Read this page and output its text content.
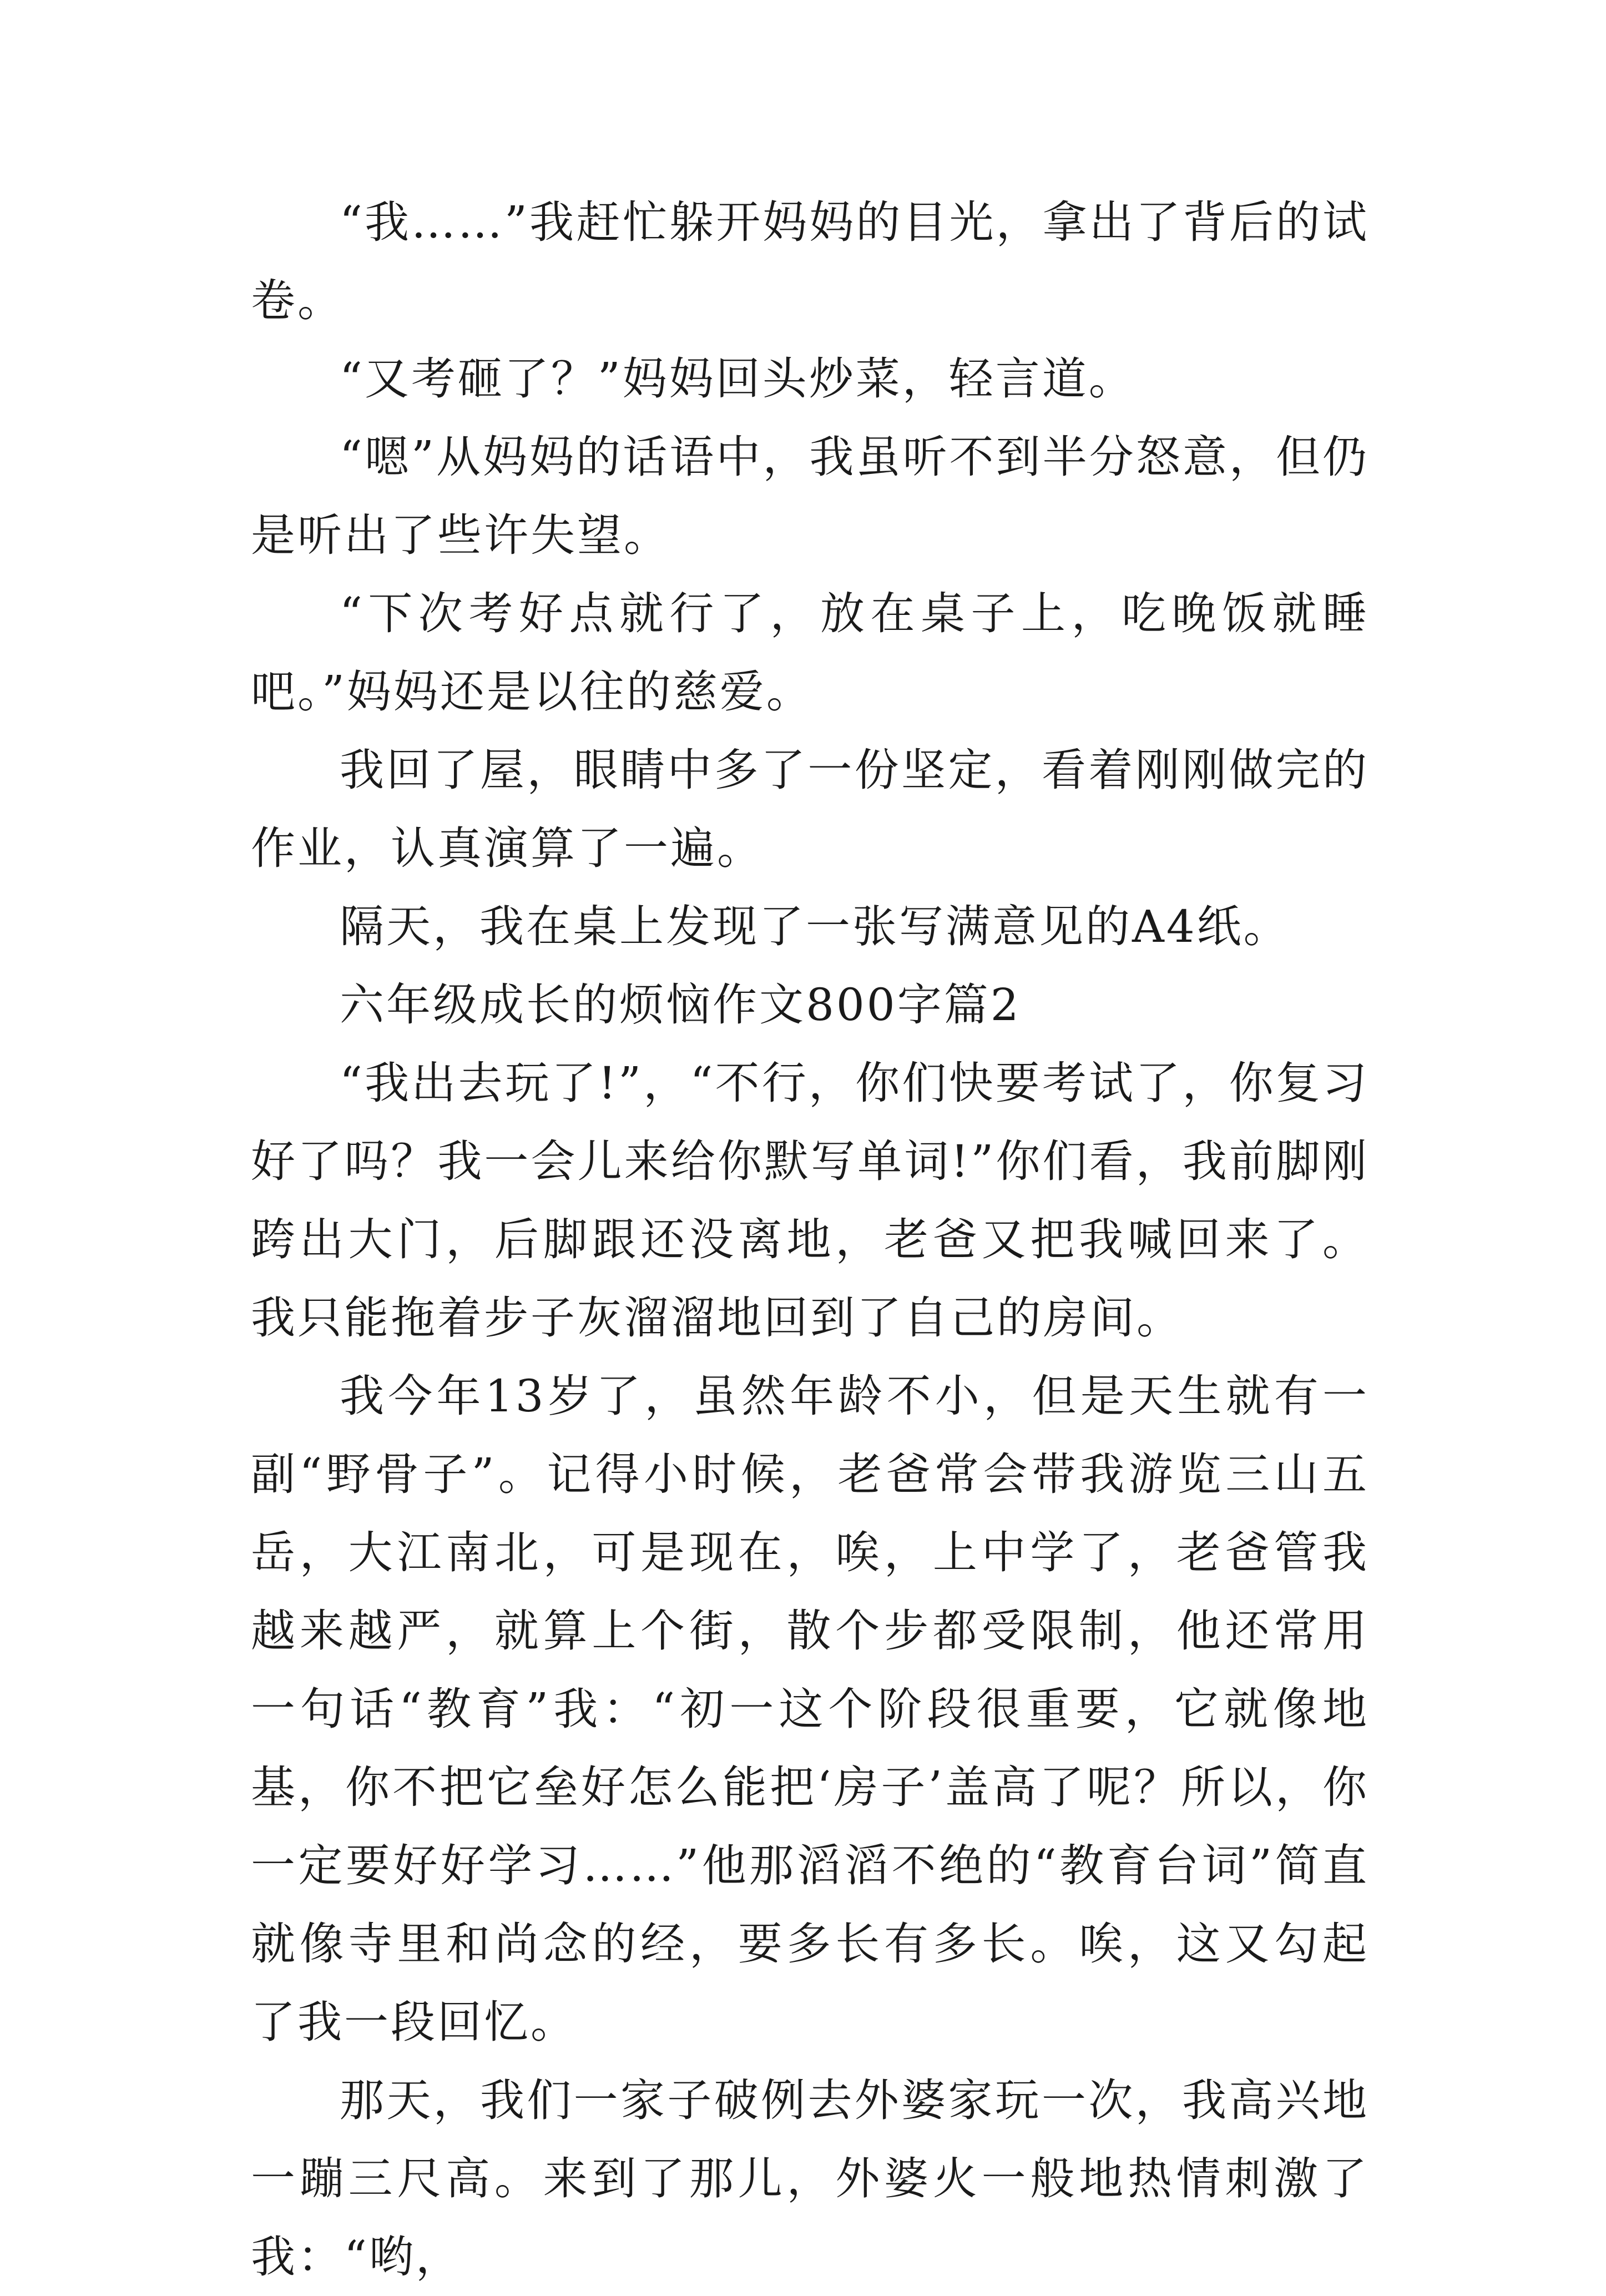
“我……”我赶忙躲开妈妈的目光，拿出了背后的试卷。

“又考砸了？”妈妈回头炒菜，轻言道。

“嗯”从妈妈的话语中，我虽听不到半分怒意，但仍是听出了些许失望。

“下次考好点就行了，放在桌子上，吃晚饭就睡吧。”妈妈还是以往的慈爱。

我回了屋，眼睛中多了一份坚定，看着刚刚做完的作业，认真演算了一遍。

隔天，我在桌上发现了一张写满意见的A4纸。

六年级成长的烦恼作文800字篇2

“我出去玩了!”，“不行，你们快要考试了，你复习好了吗？我一会儿来给你默写单词!”你们看，我前脚刚跨出大门，后脚跟还没离地，老爸又把我喊回来了。我只能拖着步子灰溜溜地回到了自己的房间。

我今年13岁了，虽然年龄不小，但是天生就有一副“野骨子”。记得小时候，老爸常会带我游览三山五岳，大江南北，可是现在，唉，上中学了，老爸管我越来越严，就算上个街，散个步都受限制，他还常用一句话“教育”我：“初一这个阶段很重要，它就像地基，你不把它垒好怎么能把‘房子’盖高了呢？所以，你一定要好好学习……”他那滔滔不绝的“教育台词”简直就像寺里和尚念的经，要多长有多长。唉，这又勾起了我一段回忆。

那天，我们一家子破例去外婆家玩一次，我高兴地一蹦三尺高。来到了那儿，外婆火一般地热情刺激了我：“哟，
